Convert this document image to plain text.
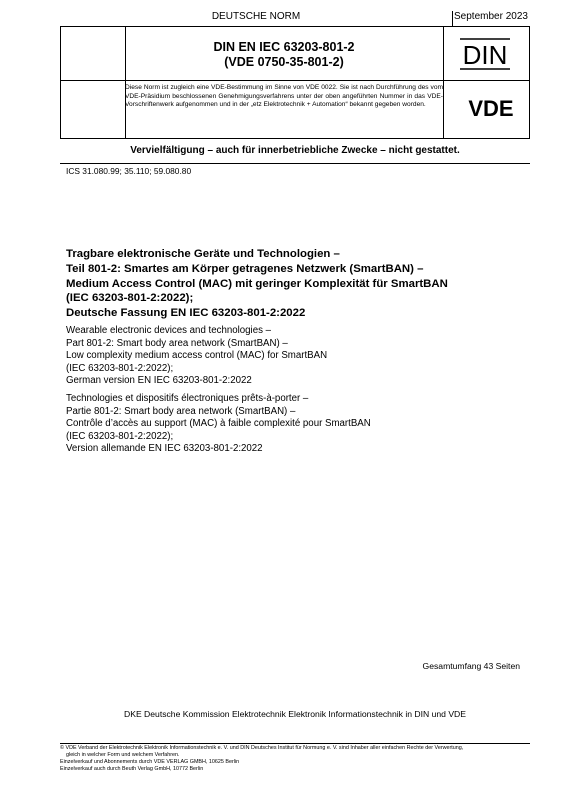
DEUTSCHE NORM	September 2023
DIN EN IEC 63203-801-2
(VDE 0750-35-801-2)
Diese Norm ist zugleich eine VDE-Bestimmung im Sinne von VDE 0022. Sie ist nach Durchführung des vom VDE-Präsidium beschlossenen Genehmigungsverfahrens unter der oben angeführten Nummer in das VDE-Vorschriftenwerk aufgenommen und in der „etz Elektrotechnik + Automation“ bekannt gegeben worden.
DIN
VDE
Vervielfältigung – auch für innerbetriebliche Zwecke – nicht gestattet.
ICS 31.080.99; 35.110; 59.080.80
Tragbare elektronische Geräte und Technologien –
Teil 801-2: Smartes am Körper getragenes Netzwerk (SmartBAN) –
Medium Access Control (MAC) mit geringer Komplexität für SmartBAN
(IEC 63203-801-2:2022);
Deutsche Fassung EN IEC 63203-801-2:2022
Wearable electronic devices and technologies –
Part 801-2: Smart body area network (SmartBAN) –
Low complexity medium access control (MAC) for SmartBAN
(IEC 63203-801-2:2022);
German version EN IEC 63203-801-2:2022
Technologies et dispositifs électroniques prêts-à-porter –
Partie 801-2: Smart body area network (SmartBAN) –
Contrôle d’accès au support (MAC) à faible complexité pour SmartBAN
(IEC 63203-801-2:2022);
Version allemande EN IEC 63203-801-2:2022
Gesamtumfang 43 Seiten
DKE Deutsche Kommission Elektrotechnik Elektronik Informationstechnik in DIN und VDE
© VDE Verband der Elektrotechnik Elektronik Informationstechnik e. V. und DIN Deutsches Institut für Normung e. V. sind Inhaber aller einfachen Rechte der Verwertung,
gleich in welcher Form und welchem Verfahren.
Einzelverkauf und Abonnements durch VDE VERLAG GMBH, 10625 Berlin
Einzelverkauf auch durch Beuth Verlag GmbH, 10772 Berlin
